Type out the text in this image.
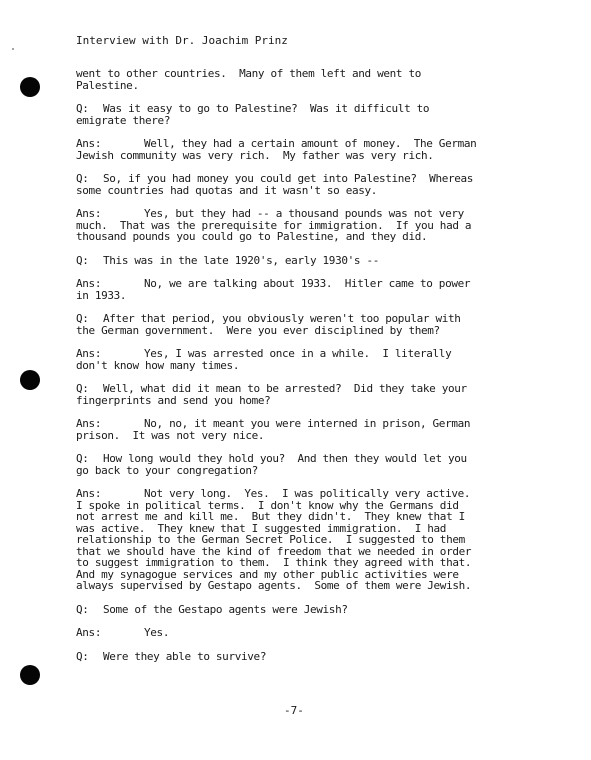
Interview with Dr. Joachim Prinz
went to other countries.  Many of them left and went to
Palestine.
Q: Was it easy to go to Palestine?  Was it difficult to
emigrate there?
Ans:	Well, they had a certain amount of money.  The German
Jewish community was very rich.  My father was very rich.
Q: So, if you had money you could get into Palestine?  Whereas
some countries had quotas and it wasn't so easy.
Ans:	Yes, but they had -- a thousand pounds was not very
much.  That was the prerequisite for immigration.  If you had a
thousand pounds you could go to Palestine, and they did.
Q: This was in the late 1920's, early 1930's --
Ans:	No, we are talking about 1933.  Hitler came to power
in 1933.
Q: After that period, you obviously weren't too popular with
the German government.  Were you ever disciplined by them?
Ans:	Yes, I was arrested once in a while.  I literally
don't know how many times.
Q: Well, what did it mean to be arrested?  Did they take your
fingerprints and send you home?
Ans:	No, no, it meant you were interned in prison, German
prison.  It was not very nice.
Q: How long would they hold you?  And then they would let you
go back to your congregation?
Ans:	Not very long.  Yes.  I was politically very active.
I spoke in political terms.  I don't know why the Germans did
not arrest me and kill me.  But they didn't.  They knew that I
was active.  They knew that I suggested immigration.  I had
relationship to the German Secret Police.  I suggested to them
that we should have the kind of freedom that we needed in order
to suggest immigration to them.  I think they agreed with that.
And my synagogue services and my other public activities were
always supervised by Gestapo agents.  Some of them were Jewish.
Q: Some of the Gestapo agents were Jewish?
Ans:	Yes.
Q: Were they able to survive?
-7-
